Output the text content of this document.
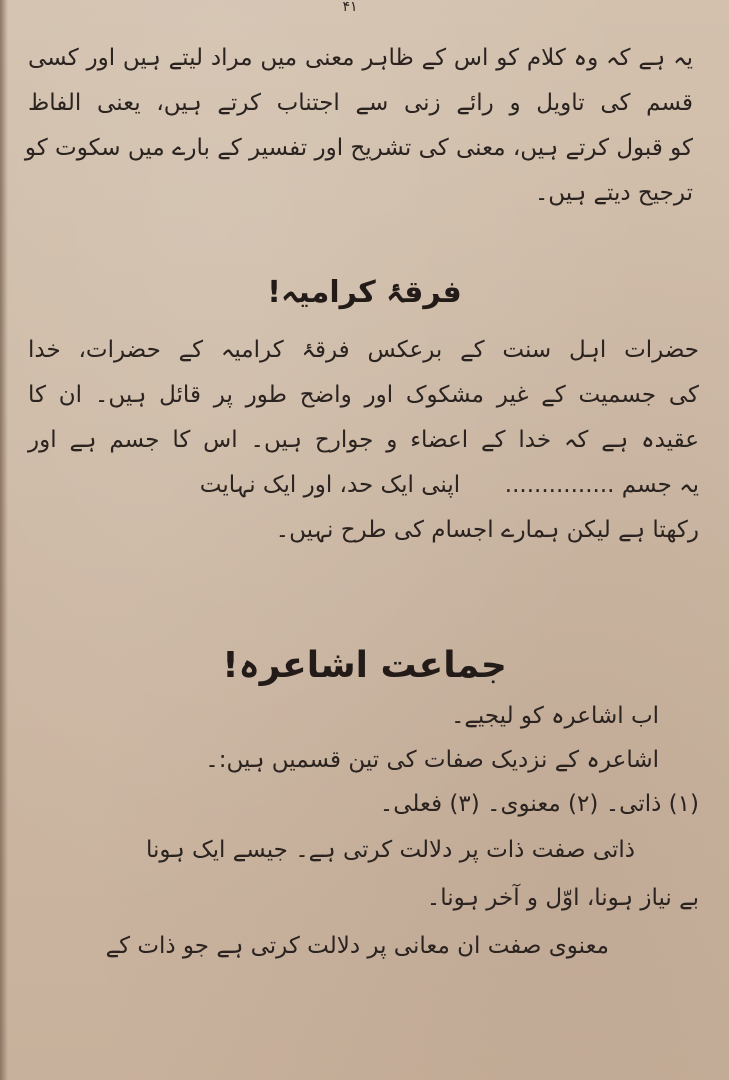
۴۱
یہ ہے کہ وہ کلام کو اس کے ظاہر معنی میں مراد لیتے ہیں اور کسی
قسم کی تاویل و رائے زنی سے اجتناب کرتے ہیں، یعنی الفاظ
کو قبول کرتے ہیں، معنی کی تشریح اور تفسیر کے بارے میں سکوت کو
ترجیح دیتے ہیں۔
فرقۂ کرامیہ!
حضرات اہل سنت کے برعکس فرقۂ کرامیہ کے حضرات، خدا
کی جسمیت کے غیر مشکوک اور واضح طور پر قائل ہیں۔ ان کا
عقیدہ ہے کہ خدا کے اعضاء و جوارح ہیں۔ اس کا جسم ہے اور
یہ جسم ...............  اپنی ایک حد، اور ایک نہایت
رکھتا ہے لیکن ہمارے اجسام کی طرح نہیں۔
جماعت اشاعرہ!
اب اشاعرہ کو لیجیے۔
اشاعرہ کے نزدیک صفات کی تین قسمیں ہیں:۔
(۱) ذاتی۔ (۲) معنوی۔ (۳) فعلی۔
ذاتی صفت ذات پر دلالت کرتی ہے۔ جیسے ایک ہونا
بے نیاز ہونا، اوّل و آخر ہونا۔
معنوی صفت ان معانی پر دلالت کرتی ہے جو ذات کے
